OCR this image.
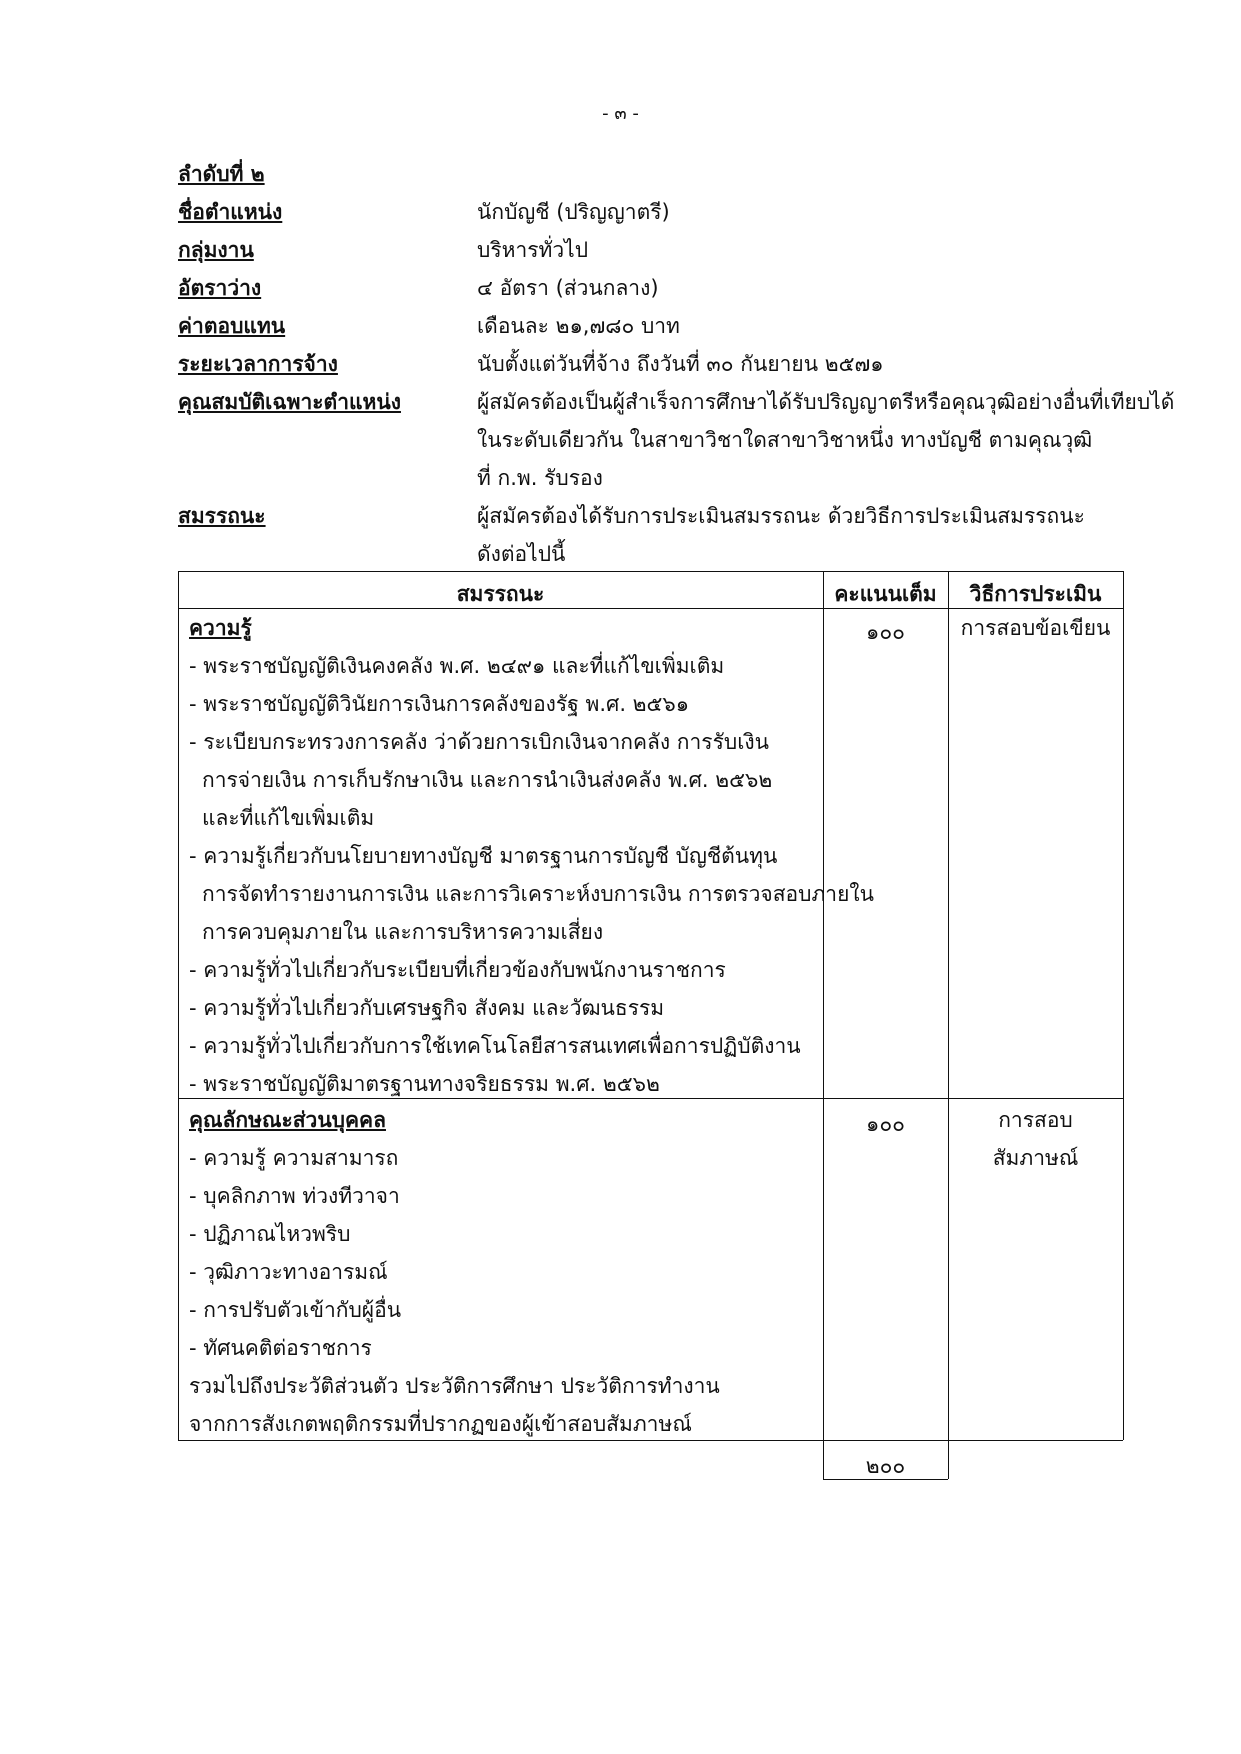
- ๓ -
ลำดับที่ ๒
ชื่อตำแหน่ง	นักบัญชี (ปริญญาตรี)
กลุ่มงาน	บริหารทั่วไป
อัตราว่าง	๔ อัตรา (ส่วนกลาง)
ค่าตอบแทน	เดือนละ ๒๑,๗๘๐ บาท
ระยะเวลาการจ้าง	นับตั้งแต่วันที่จ้าง ถึงวันที่ ๓๐ กันยายน ๒๕๗๑
คุณสมบัติเฉพาะตำแหน่ง	ผู้สมัครต้องเป็นผู้สำเร็จการศึกษาได้รับปริญญาตรีหรือคุณวุฒิอย่างอื่นที่เทียบได้
ในระดับเดียวกัน ในสาขาวิชาใดสาขาวิชาหนึ่ง ทางบัญชี ตามคุณวุฒิ
ที่ ก.พ. รับรอง
สมรรถนะ	ผู้สมัครต้องได้รับการประเมินสมรรถนะ ด้วยวิธีการประเมินสมรรถนะ
ดังต่อไปนี้
สมรรถนะ	คะแนนเต็ม	วิธีการประเมิน
ความรู้	๑๐๐	การสอบข้อเขียน
- พระราชบัญญัติเงินคงคลัง พ.ศ. ๒๔๙๑ และที่แก้ไขเพิ่มเติม
- พระราชบัญญัติวินัยการเงินการคลังของรัฐ พ.ศ. ๒๕๖๑
- ระเบียบกระทรวงการคลัง ว่าด้วยการเบิกเงินจากคลัง การรับเงิน
การจ่ายเงิน การเก็บรักษาเงิน และการนำเงินส่งคลัง พ.ศ. ๒๕๖๒
และที่แก้ไขเพิ่มเติม
- ความรู้เกี่ยวกับนโยบายทางบัญชี มาตรฐานการบัญชี บัญชีต้นทุน
การจัดทำรายงานการเงิน และการวิเคราะห์งบการเงิน การตรวจสอบภายใน
การควบคุมภายใน และการบริหารความเสี่ยง
- ความรู้ทั่วไปเกี่ยวกับระเบียบที่เกี่ยวข้องกับพนักงานราชการ
- ความรู้ทั่วไปเกี่ยวกับเศรษฐกิจ สังคม และวัฒนธรรม
- ความรู้ทั่วไปเกี่ยวกับการใช้เทคโนโลยีสารสนเทศเพื่อการปฏิบัติงาน
- พระราชบัญญัติมาตรฐานทางจริยธรรม พ.ศ. ๒๕๖๒
คุณลักษณะส่วนบุคคล	๑๐๐	การสอบ
สัมภาษณ์
- ความรู้ ความสามารถ
- บุคลิกภาพ ท่วงทีวาจา
- ปฏิภาณไหวพริบ
- วุฒิภาวะทางอารมณ์
- การปรับตัวเข้ากับผู้อื่น
- ทัศนคติต่อราชการ
รวมไปถึงประวัติส่วนตัว ประวัติการศึกษา ประวัติการทำงาน
จากการสังเกตพฤติกรรมที่ปรากฏของผู้เข้าสอบสัมภาษณ์
๒๐๐
